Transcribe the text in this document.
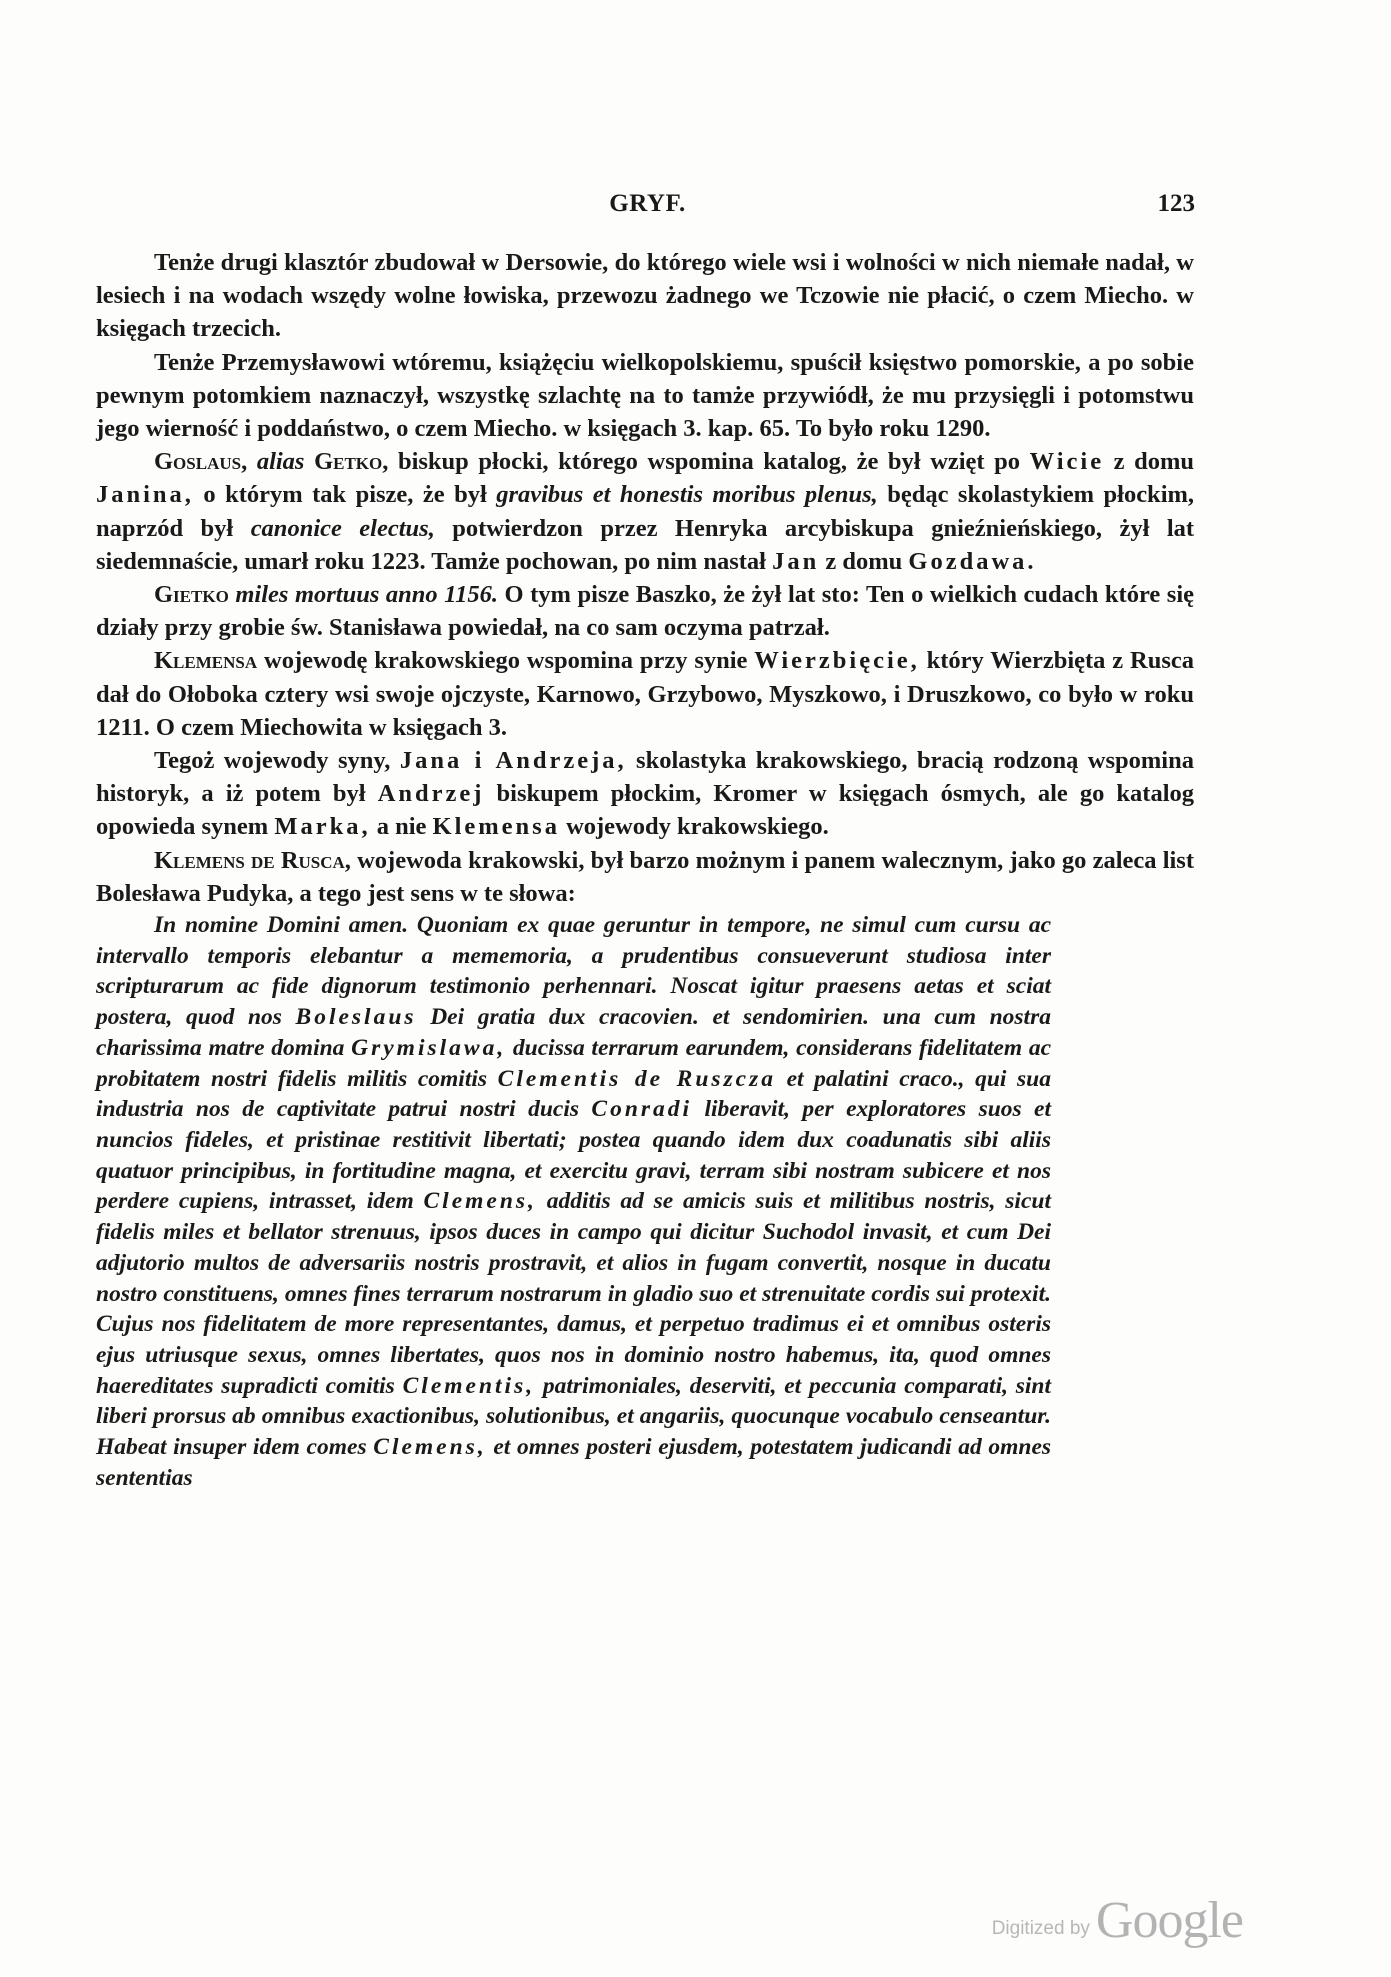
GRYF.	123

Tenże drugi klasztór zbudował w Dersowie, do którego wiele wsi i wolności w nich niemałe nadał, w lesiech i na wodach wszędy wolne łowiska, przewozu żadnego we Tczowie nie płacić, o czem Miecho. w księgach trzecich.

Tenże Przemysławowi wtóremu, książęciu wielkopolskiemu, spuścił księstwo pomorskie, a po sobie pewnym potomkiem naznaczył, wszystkę szlachtę na to tamże przywiódł, że mu przysięgli i potomstwu jego wierność i poddaństwo, o czem Miecho. w księgach 3. kap. 65. To było roku 1290.

Goslaus, alias Getko, biskup płocki, którego wspomina katalog, że był wzięt po Wicie z domu Janina, o którym tak pisze, że był gravibus et honestis moribus plenus, będąc skolastykiem płockim, naprzód był canonice electus, potwierdzon przez Henryka arcybiskupa gnieźnieńskiego, żył lat siedemnaście, umarł roku 1223. Tamże pochowan, po nim nastał Jan z domu Gozdawa.

Gietko miles mortuus anno 1156. O tym pisze Baszko, że żył lat sto: Ten o wielkich cudach które się działy przy grobie św. Stanisława powiedał, na co sam oczyma patrzał.

Klemensa wojewodę krakowskiego wspomina przy synie Wierzbięcie, który Wierzbięta z Rusca dał do Ołoboka cztery wsi swoje ojczyste, Karnowo, Grzybowo, Myszkowo, i Druszkowo, co było w roku 1211. O czem Miechowita w księgach 3.

Tegoż wojewody syny, Jana i Andrzeja, skolastyka krakowskiego, bracią rodzoną wspomina historyk, a iż potem był Andrzej biskupem płockim, Kromer w księgach ósmych, ale go katalog opowieda synem Marka, a nie Klemensa wojewody krakowskiego.

Klemens de Rusca, wojewoda krakowski, był barzo możnym i panem walecznym, jako go zaleca list Bolesława Pudyka, a tego jest sens w te słowa:

In nomine Domini amen. Quoniam ex quae geruntur in tempore, ne simul cum cursu ac intervallo temporis elebantur a mememoria, a prudentibus consueverunt studiosa inter scripturarum ac fide dignorum testimonio perhennari. Noscat igitur praesens aetas et sciat postera, quod nos Boleslaus Dei gratia dux cracovien. et sendomirien. una cum nostra charissima matre domina Grymislawa, ducissa terrarum earundem, considerans fidelitatem ac probitatem nostri fidelis militis comitis Clementis de Ruszcza et palatini craco., qui sua industria nos de captivitate patrui nostri ducis Conradi liberavit, per exploratores suos et nuncios fideles, et pristinae restitivit libertati; postea quando idem dux coadunatis sibi aliis quatuor principibus, in fortitudine magna, et exercitu gravi, terram sibi nostram subicere et nos perdere cupiens, intrasset, idem Clemens, additis ad se amicis suis et militibus nostris, sicut fidelis miles et bellator strenuus, ipsos duces in campo qui dicitur Suchodol invasit, et cum Dei adjutorio multos de adversariis nostris prostravit, et alios in fugam convertit, nosque in ducatu nostro constituens, omnes fines terrarum nostrarum in gladio suo et strenuitate cordis sui protexit. Cujus nos fidelitatem de more representantes, damus, et perpetuo tradimus ei et omnibus osteris ejus utriusque sexus, omnes libertates, quos nos in dominio nostro habemus, ita, quod omnes haereditates supradicti comitis Clementis, patrimoniales, deserviti, et peccunia comparati, sint liberi prorsus ab omnibus exactionibus, solutionibus, et angariis, quocunque vocabulo censeantur. Habeat insuper idem comes Clemens, et omnes posteri ejusdem, potestatem judicandi ad omnes sententias

Digitized by Google
